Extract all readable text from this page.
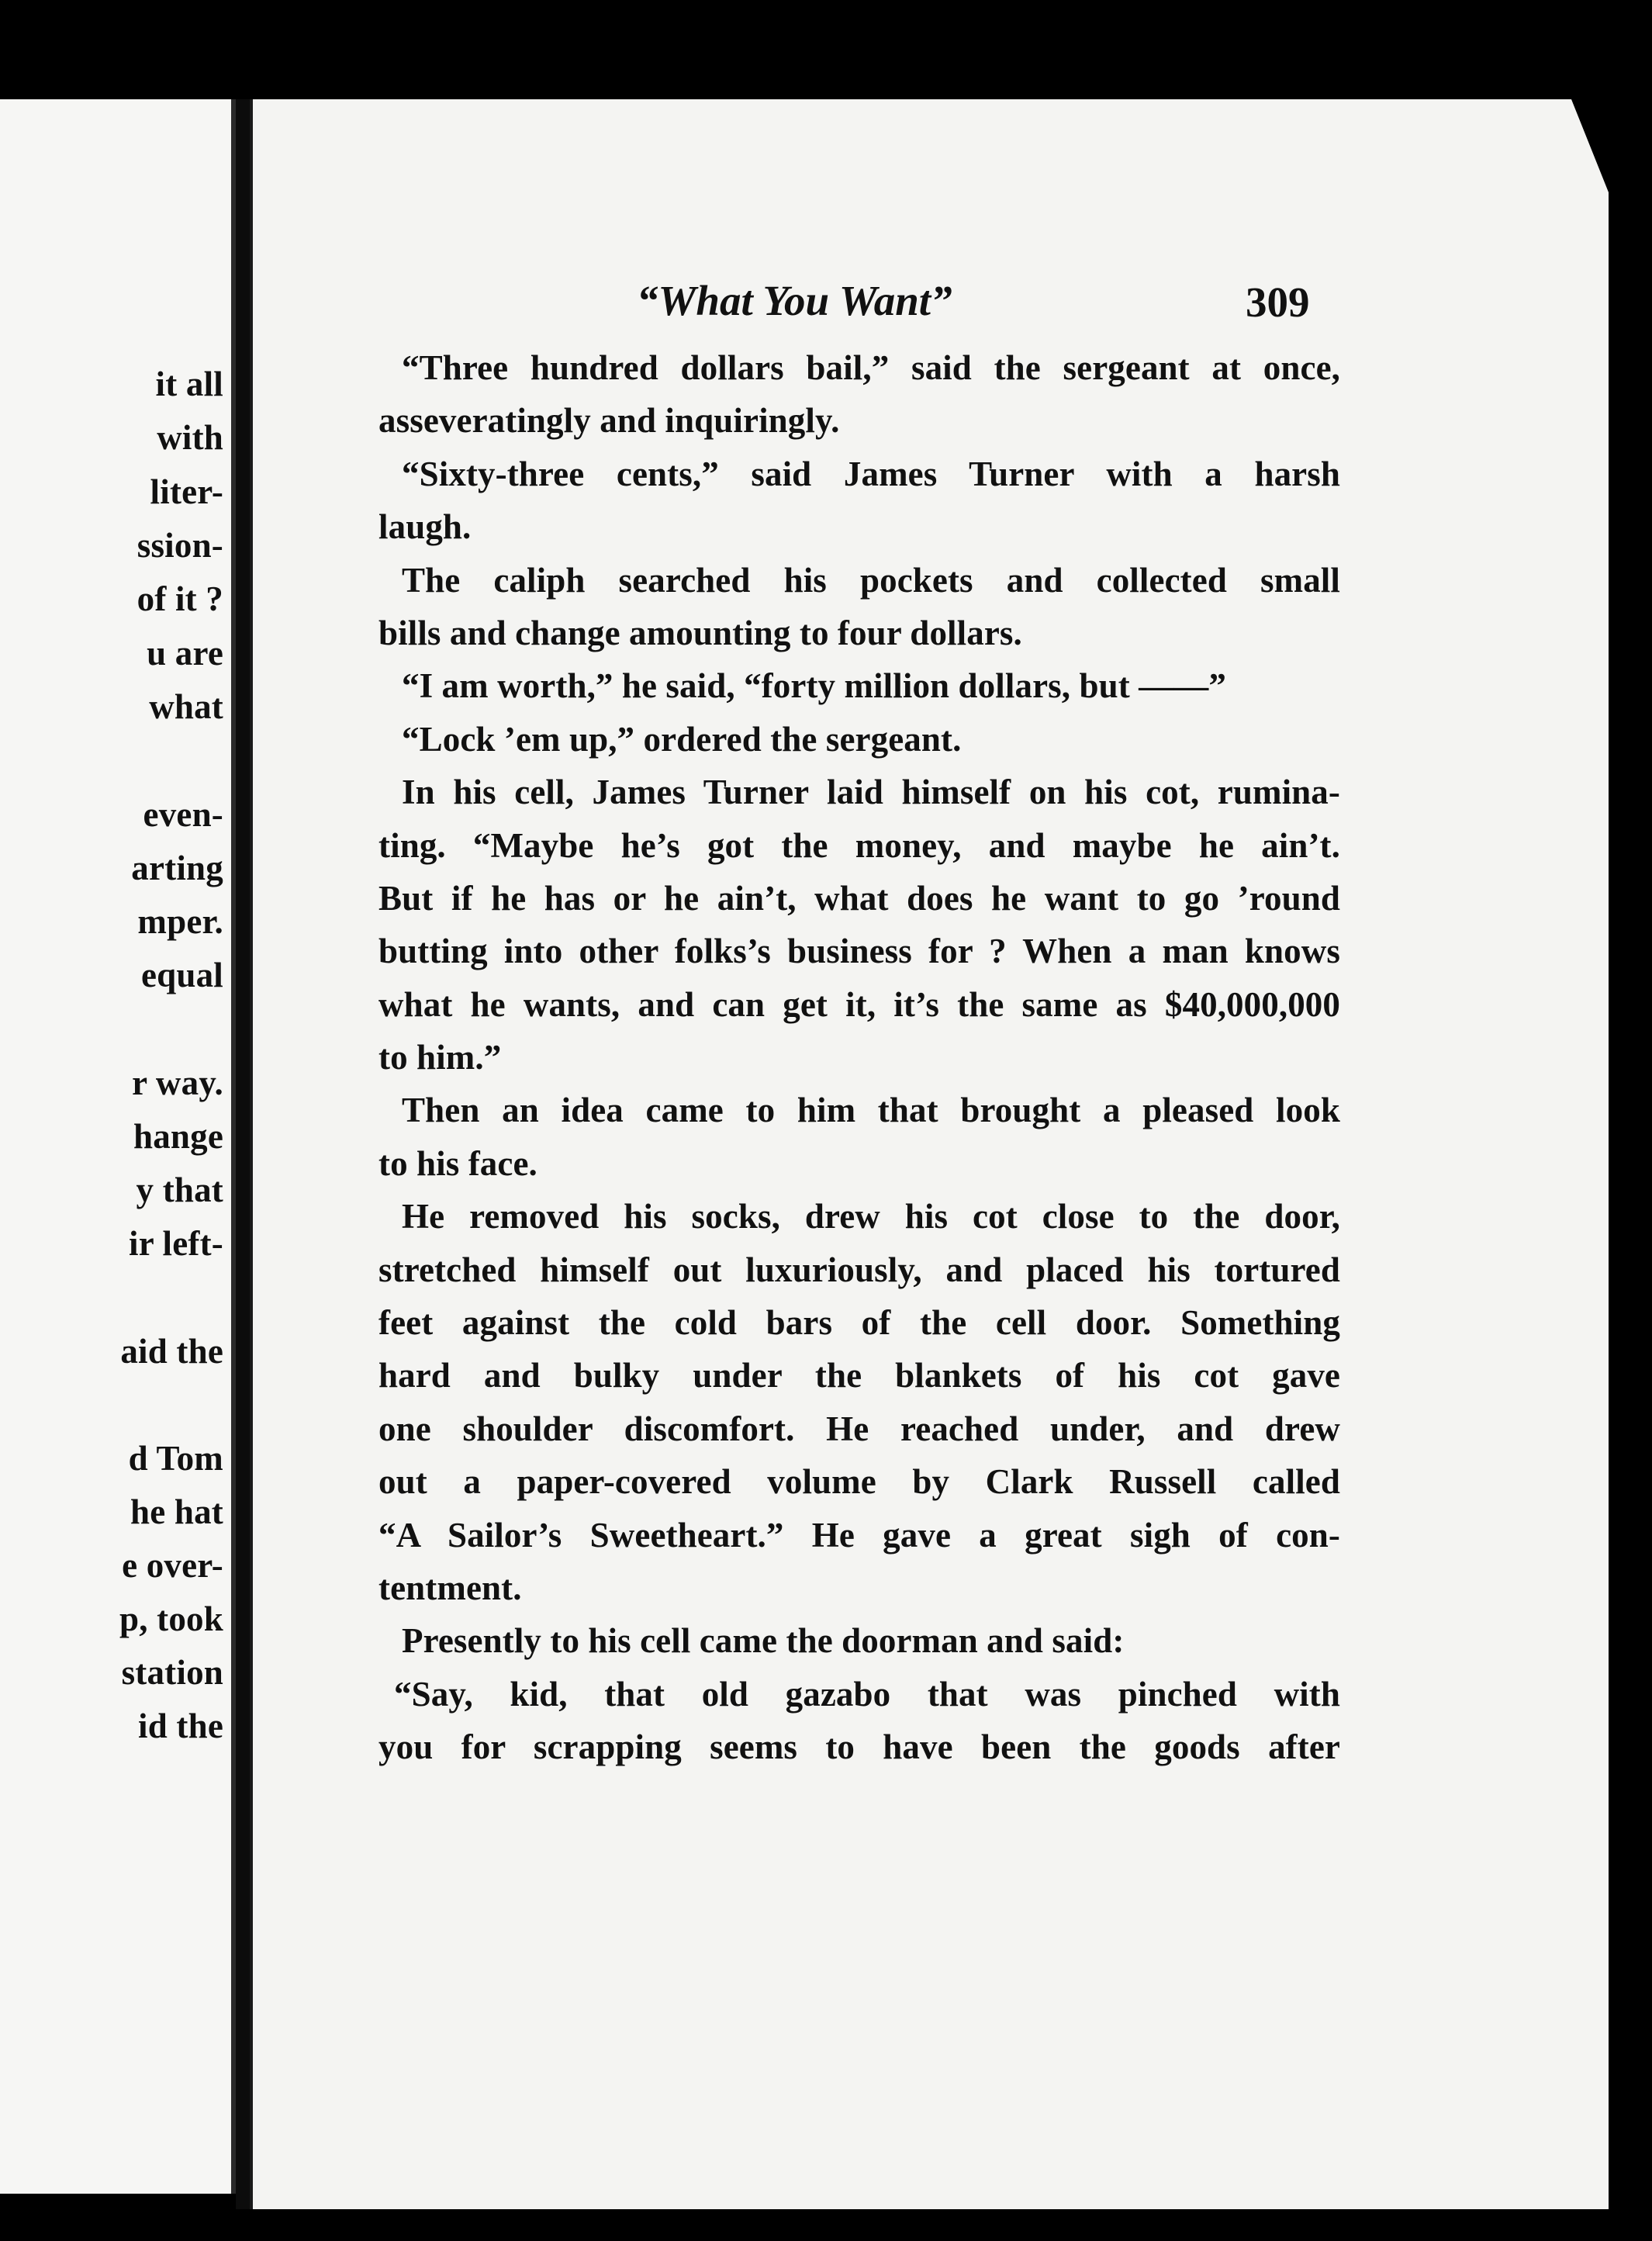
it all
with
liter-
ssion-
of it ?
u are
what
even-
arting
mper.
equal
r way.
hange
y that
ir left-
aid the
d Tom
he hat
e over-
p, took
station
id the
“What You Want”	309
“Three hundred dollars bail,” said the sergeant at once,
asseveratingly and inquiringly.
“Sixty-three cents,” said James Turner with a harsh
laugh.
The caliph searched his pockets and collected small
bills and change amounting to four dollars.
“I am worth,” he said, “forty million dollars, but ——”
“Lock ’em up,” ordered the sergeant.
In his cell, James Turner laid himself on his cot, rumina-
ting. “Maybe he’s got the money, and maybe he ain’t.
But if he has or he ain’t, what does he want to go ’round
butting into other folks’s business for ? When a man knows
what he wants, and can get it, it’s the same as $40,000,000
to him.”
Then an idea came to him that brought a pleased look
to his face.
He removed his socks, drew his cot close to the door,
stretched himself out luxuriously, and placed his tortured
feet against the cold bars of the cell door. Something
hard and bulky under the blankets of his cot gave
one shoulder discomfort. He reached under, and drew
out a paper-covered volume by Clark Russell called
“A Sailor’s Sweetheart.” He gave a great sigh of con-
tentment.
Presently to his cell came the doorman and said:
“Say, kid, that old gazabo that was pinched with
you for scrapping seems to have been the goods after
